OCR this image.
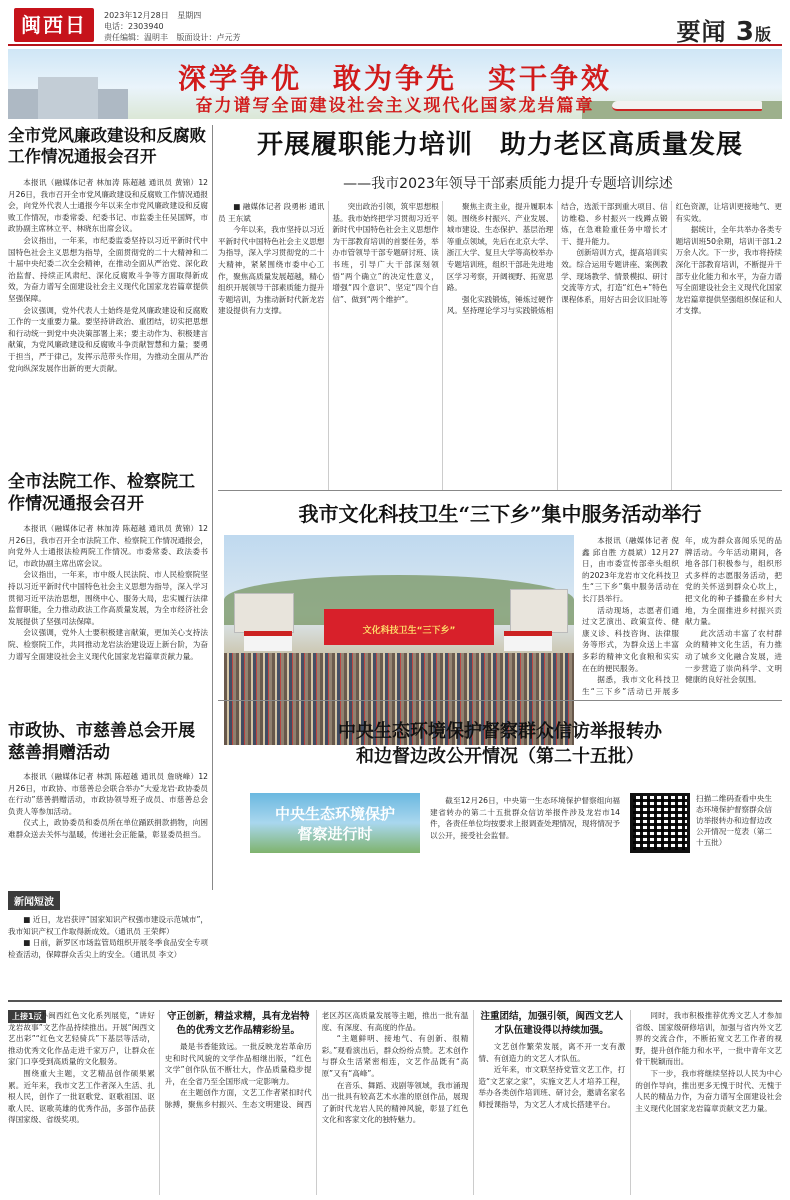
闽西日	2023年12月28日 星期四
电话：2303940
责任编辑：温明丰 版面设计：卢元芳	要闻 3版
深学争优　敢为争先　实干争效
奋力谱写全面建设社会主义现代化国家龙岩篇章
全市党风廉政建设和反腐败工作情况通报会召开

本报讯（融媒体记者 林加涛 陈超越 通讯员 黄锦）12月26日，我市召开全市党风廉政建设和反腐败工作情况通报会，向党外代表人士通报今年以来全市党风廉政建设和反腐败工作情况，市委常委、纪委书记、市监委主任吴国辉，市政协副主席林立平、林晓东出席会议。

会议指出，一年来，市纪委监委坚持以习近平新时代中国特色社会主义思想为指导，全面贯彻党的二十大精神和二十届中央纪委二次全会精神，在推动全面从严治党、深化政治监督、持续正风肃纪、深化反腐败斗争等方面取得新成效，为奋力谱写全面建设社会主义现代化国家龙岩篇章提供坚强保障。

会议强调，党外代表人士始终是党风廉政建设和反腐败工作的一支重要力量。要坚持讲政治、重团结，切实把思想和行动统一到党中央决策部署上来；要主动作为、积极建言献策，为党风廉政建设和反腐败斗争贡献智慧和力量；要勇于担当，严于律己，发挥示范带头作用，为推动全面从严治党向纵深发展作出新的更大贡献。

全市法院工作、检察院工作情况通报会召开

本报讯（融媒体记者 林加涛 陈超越 通讯员 黄锦）12月26日，我市召开全市法院工作、检察院工作情况通报会，向党外人士通报法检两院工作情况。市委常委、政法委书记，市政协副主席出席会议。

会议指出，一年来，市中级人民法院、市人民检察院坚持以习近平新时代中国特色社会主义思想为指导，深入学习贯彻习近平法治思想，围绕中心、服务大局，忠实履行法律监督职能，全力推动政法工作高质量发展，为全市经济社会发展提供了坚强司法保障。

会议强调，党外人士要积极建言献策，更加关心支持法院、检察院工作，共同推动龙岩法治建设迈上新台阶，为奋力谱写全面建设社会主义现代化国家龙岩篇章贡献力量。

市政协、市慈善总会开展慈善捐赠活动

本报讯（融媒体记者 林凯 陈超越 通讯员 詹晓峰）12月26日，市政协、市慈善总会联合举办“大爱龙岩·政协委员在行动”慈善捐赠活动，市政协领导班子成员、市慈善总会负责人等参加活动。

仪式上，政协委员和委员所在单位踊跃捐款捐物，向困难群众送去关怀与温暖，传递社会正能量，彰显委员担当。

新闻短波

■ 近日，龙岩获评“国家知识产权强市建设示范城市”，我市知识产权工作取得新成效。（通讯员 王荣辉）

■ 日前，新罗区市场监管局组织开展冬季食品安全专项检查活动，保障群众舌尖上的安全。（通讯员 李文）

开展履职能力培训　助力老区高质量发展
——我市2023年领导干部素质能力提升专题培训综述

■ 融媒体记者 段勇彬 通讯员 王东斌

今年以来，我市坚持以习近平新时代中国特色社会主义思想为指导，深入学习贯彻党的二十大精神，紧紧围绕市委中心工作，聚焦高质量发展超越，精心组织开展领导干部素质能力提升专题培训，为推动新时代新龙岩建设提供有力支撑。

突出政治引领，筑牢思想根基。我市始终把学习贯彻习近平新时代中国特色社会主义思想作为干部教育培训的首要任务，举办市管领导干部专题研讨班、读书班，引导广大干部深刻领悟“两个确立”的决定性意义，增强“四个意识”、坚定“四个自信”、做到“两个维护”。

聚焦主责主业，提升履职本领。围绕乡村振兴、产业发展、城市建设、生态保护、基层治理等重点领域，先后在北京大学、浙江大学、复旦大学等高校举办专题培训班，组织干部赴先进地区学习考察，开阔视野、拓宽思路。

强化实践锻炼，锤炼过硬作风。坚持理论学习与实践锻炼相结合，选派干部到重大项目、信访维稳、乡村振兴一线蹲点锻炼，在急难险重任务中增长才干、提升能力。

创新培训方式，提高培训实效。综合运用专题讲座、案例教学、现场教学、情景模拟、研讨交流等方式，打造“红色+”特色课程体系，用好古田会议旧址等红色资源，让培训更接地气、更有实效。

据统计，全年共举办各类专题培训班50余期，培训干部1.2万余人次。下一步，我市将持续深化干部教育培训，不断提升干部专业化能力和水平，为奋力谱写全面建设社会主义现代化国家龙岩篇章提供坚强组织保证和人才支撑。

我市文化科技卫生“三下乡”集中服务活动举行
文化科技卫生“三下乡”

本报讯（融媒体记者 倪鑫 邱自胜 方晨斌）12月27日，由市委宣传部牵头组织的2023年龙岩市文化科技卫生“三下乡”集中服务活动在长汀县举行。

活动现场，志愿者们通过文艺演出、政策宣传、健康义诊、科技咨询、法律服务等形式，为群众送上丰富多彩的精神文化食粮和实实在在的便民服务。

据悉，我市文化科技卫生“三下乡”活动已开展多年，成为群众喜闻乐见的品牌活动。今年活动期间，各地各部门积极参与，组织形式多样的志愿服务活动，把党的关怀送到群众心坎上，把文化的种子播撒在乡村大地，为全面推进乡村振兴贡献力量。

此次活动丰富了农村群众的精神文化生活，有力推动了城乡文化融合发展，进一步营造了崇尚科学、文明健康的良好社会氛围。

中央生态环境保护督察群众信访举报转办
和边督边改公开情况（第二十五批）
中央生态环境保护
督察进行时

截至12月26日，中央第一生态环境保护督察组向福建省转办的第二十五批群众信访举报件涉及龙岩市14件，各责任单位均按要求上报调查处理情况，现将情况予以公开，接受社会监督。

扫描二维码查看中央生态环境保护督察群众信访举报转办和边督边改公开情况一览表（第二十五批）
上接1版

举办闽西红色文化系列展览，“讲好龙岩故事”文艺作品持续推出。开展“闽西文艺出彩”“红色文艺轻骑兵”下基层等活动，推动优秀文化作品走进千家万户，让群众在家门口享受到高质量的文化服务。

围绕重大主题，文艺精品创作硕果累累。近年来，我市文艺工作者深入生活、扎根人民，创作了一批讴歌党、讴歌祖国、讴歌人民、讴歌英雄的优秀作品，多部作品获得国家级、省级奖项。

守正创新，精益求精，具有龙岩特色的优秀文艺作品精彩纷呈。

最是书香能致远。一批反映龙岩革命历史和时代风貌的文学作品相继出版，“红色文学”创作队伍不断壮大，作品质量稳步提升，在全省乃至全国形成一定影响力。

在主题创作方面，文艺工作者紧扣时代脉搏，聚焦乡村振兴、生态文明建设、闽西老区苏区高质量发展等主题，推出一批有温度、有深度、有高度的作品。

“主题鲜明、接地气、有创新、很精彩。”观看演出后，群众纷纷点赞。艺术创作与群众生活紧密相连，文艺作品既有“高原”又有“高峰”。

在音乐、舞蹈、戏剧等领域，我市涌现出一批具有较高艺术水准的原创作品，展现了新时代龙岩人民的精神风貌，彰显了红色文化和客家文化的独特魅力。

注重团结，加强引领，闽西文艺人才队伍建设得以持续加强。

文艺创作繁荣发展，离不开一支有激情、有创造力的文艺人才队伍。

近年来，市文联坚持党管文艺工作，打造“文艺家之家”，实施文艺人才培养工程，举办各类创作培训班、研讨会，邀请名家名师授课指导，为文艺人才成长搭建平台。

同时，我市积极推荐优秀文艺人才参加省级、国家级研修培训，加强与省内外文艺界的交流合作，不断拓宽文艺工作者的视野，提升创作能力和水平，一批中青年文艺骨干脱颖而出。

下一步，我市将继续坚持以人民为中心的创作导向，推出更多无愧于时代、无愧于人民的精品力作，为奋力谱写全面建设社会主义现代化国家龙岩篇章贡献文艺力量。
